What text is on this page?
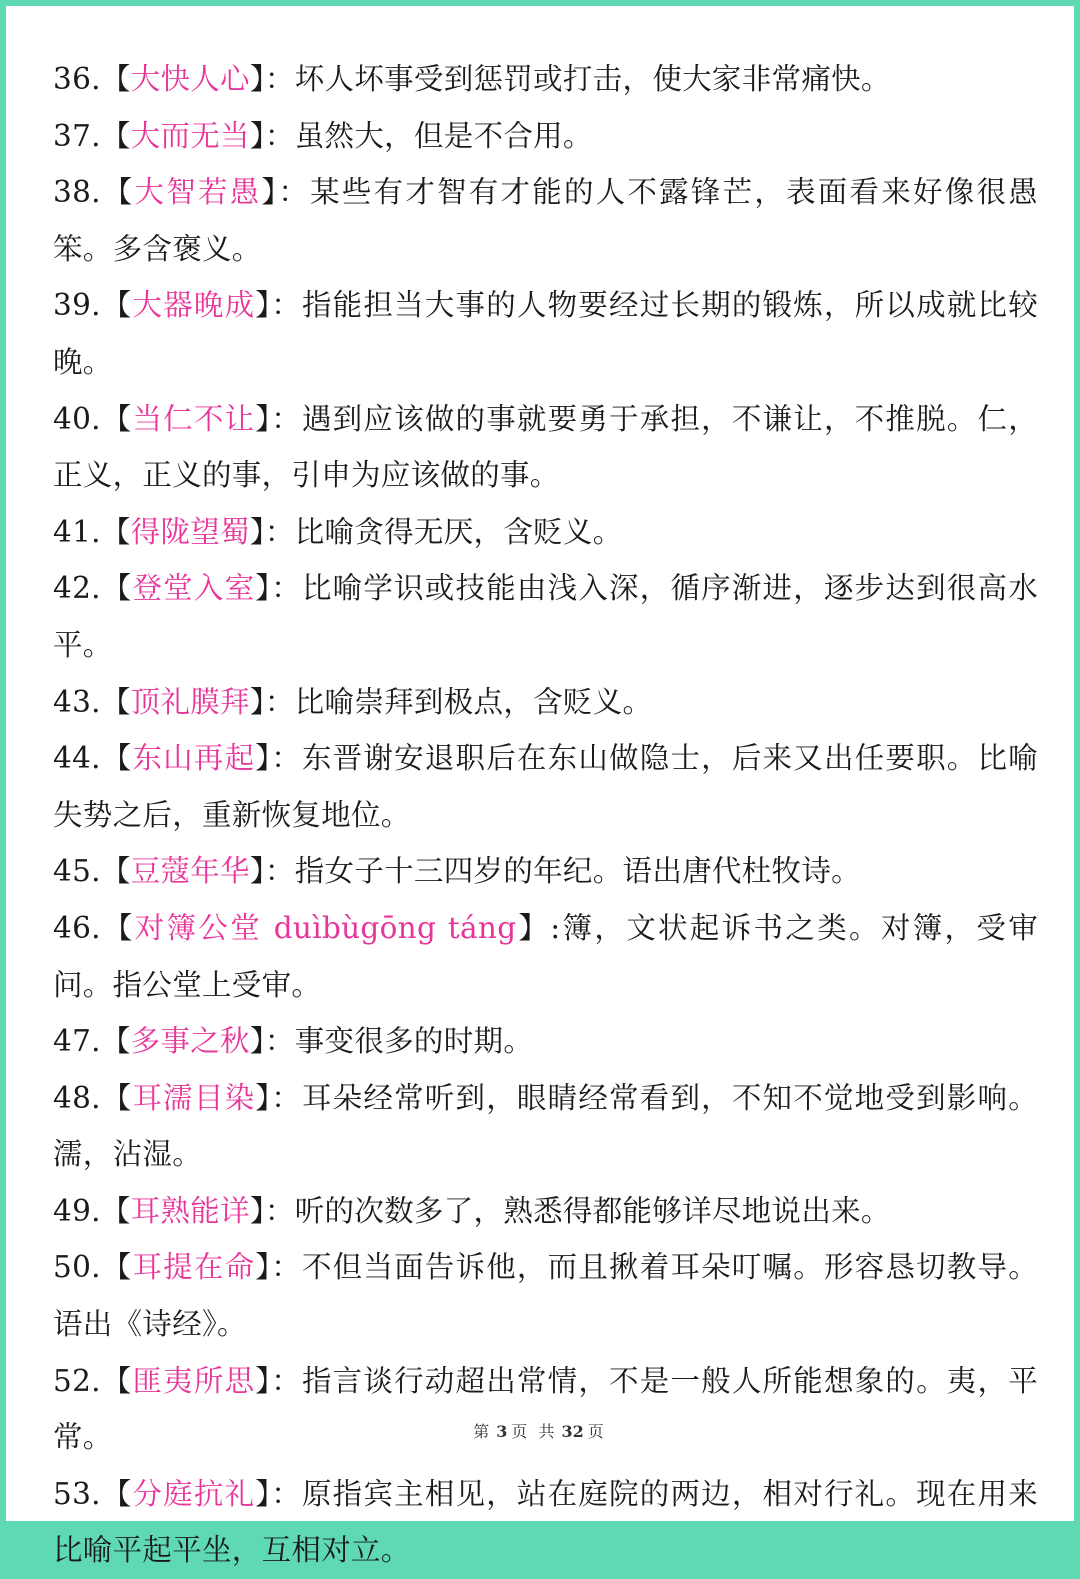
36.【大快人心】：坏人坏事受到惩罚或打击，使大家非常痛快。
37.【大而无当】：虽然大，但是不合用。
38.【大智若愚】：某些有才智有才能的人不露锋芒，表面看来好像很愚笨。多含褒义。
39.【大器晚成】：指能担当大事的人物要经过长期的锻炼，所以成就比较晚。
40.【当仁不让】：遇到应该做的事就要勇于承担，不谦让，不推脱。仁，正义，正义的事，引申为应该做的事。
41.【得陇望蜀】：比喻贪得无厌，含贬义。
42.【登堂入室】：比喻学识或技能由浅入深，循序渐进，逐步达到很高水平。
43.【顶礼膜拜】：比喻崇拜到极点，含贬义。
44.【东山再起】：东晋谢安退职后在东山做隐士，后来又出任要职。比喻失势之后，重新恢复地位。
45.【豆蔻年华】：指女子十三四岁的年纪。语出唐代杜牧诗。
46.【对簿公堂 duìbùgōng táng】:簿，文状起诉书之类。对簿，受审问。指公堂上受审。
47.【多事之秋】：事变很多的时期。
48.【耳濡目染】：耳朵经常听到，眼睛经常看到，不知不觉地受到影响。濡，沾湿。
49.【耳熟能详】：听的次数多了，熟悉得都能够详尽地说出来。
50.【耳提在命】：不但当面告诉他，而且揪着耳朵叮嘱。形容恳切教导。语出《诗经》。
52.【匪夷所思】：指言谈行动超出常情，不是一般人所能想象的。夷，平常。
53.【分庭抗礼】：原指宾主相见，站在庭院的两边，相对行礼。现在用来比喻平起平坐，互相对立。
第 3 页 共 32 页
